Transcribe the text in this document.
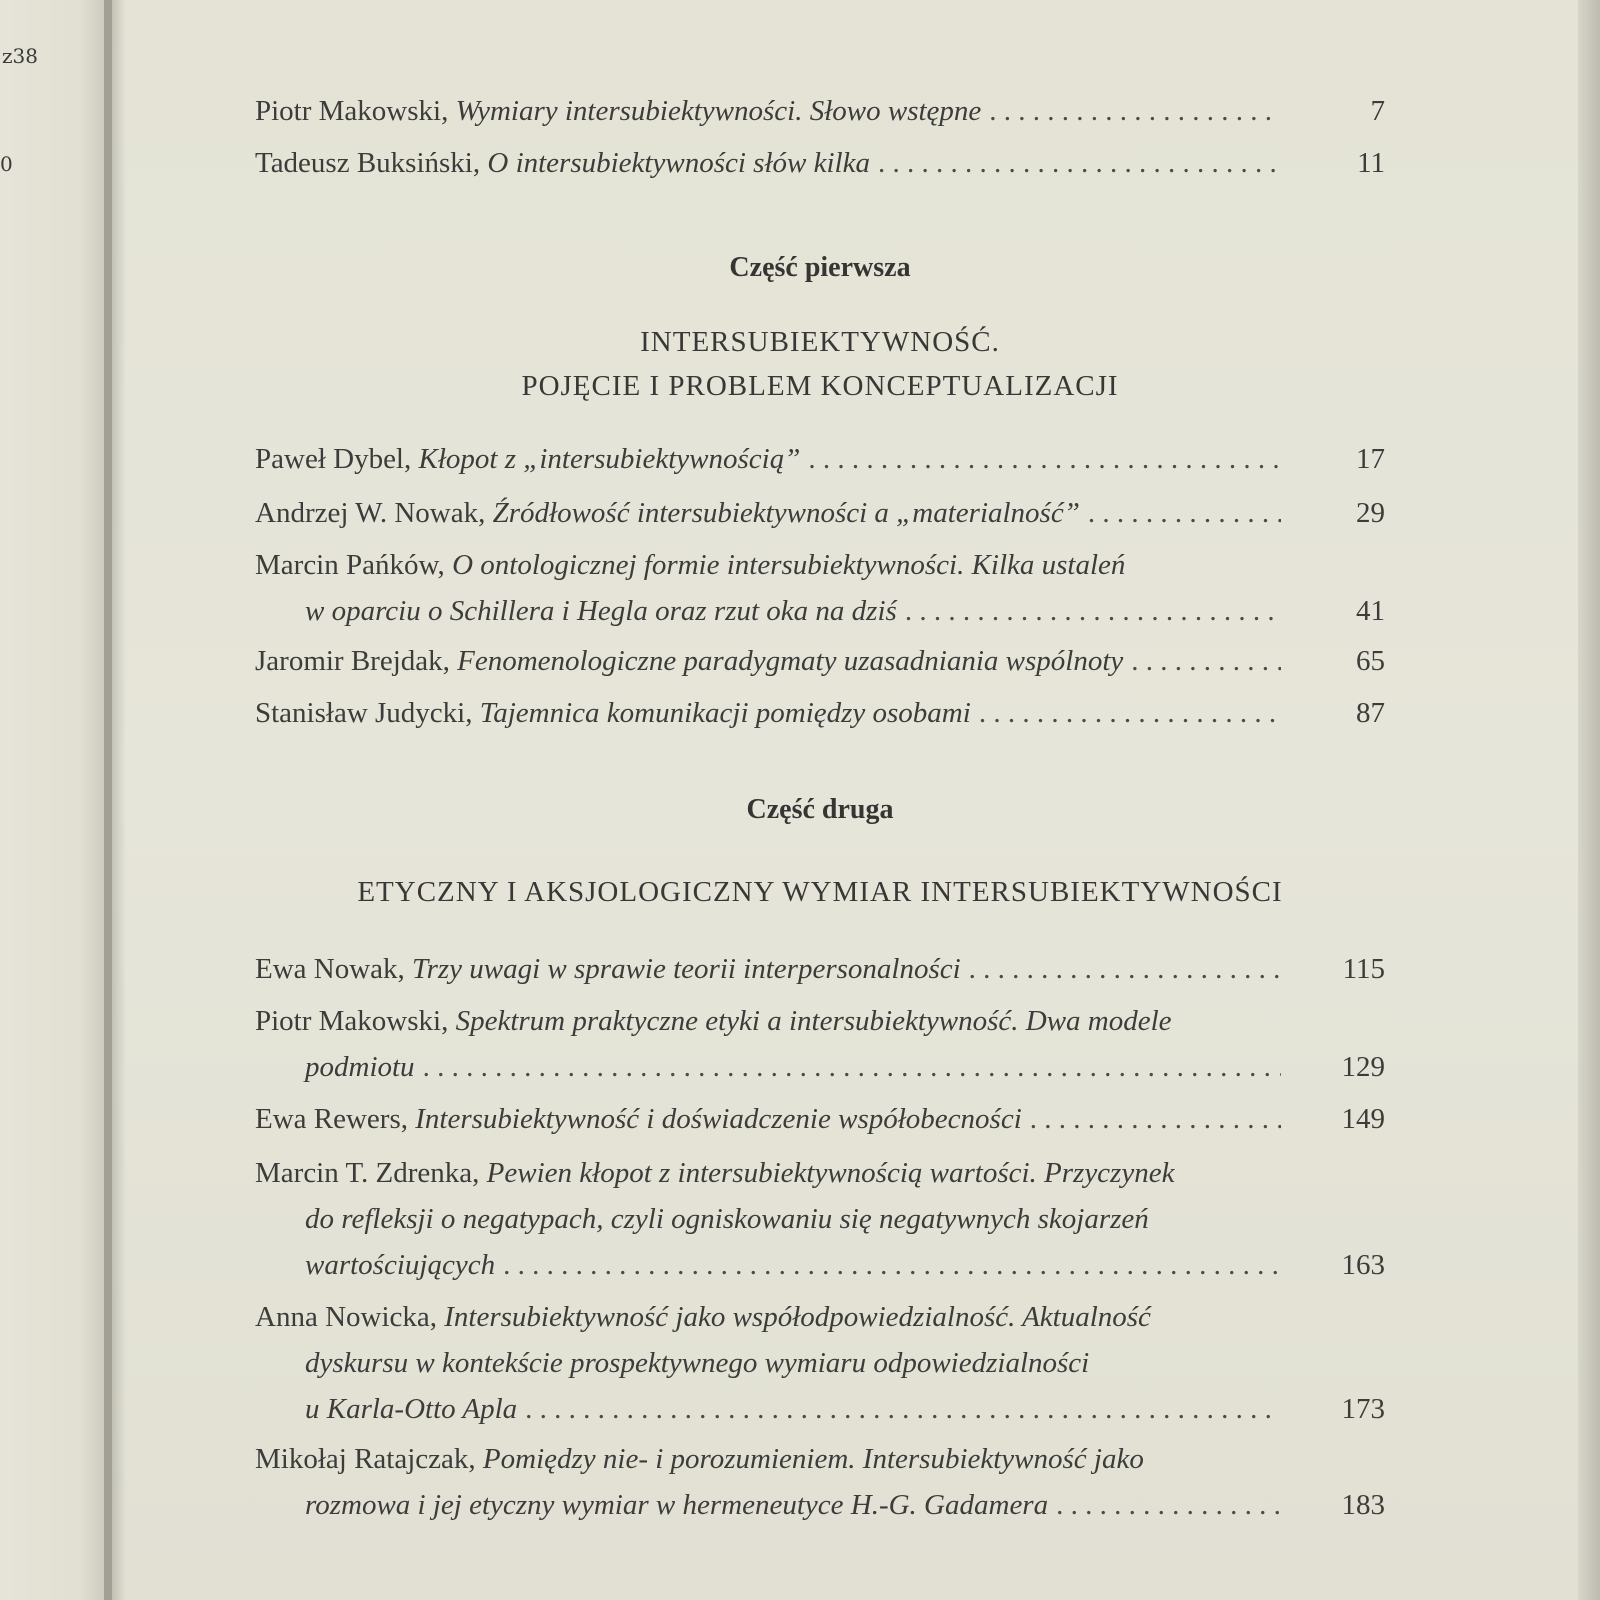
z38
0
Piotr Makowski,
Wymiary intersubiektywności. Słowo wstępne . . .	7
Tadeusz Buksiński,
O intersubiektywności słów kilka . . .	11
Część pierwsza
INTERSUBIEKTYWNOŚĆ.
POJĘCIE I PROBLEM KONCEPTUALIZACJI
Paweł Dybel,
Kłopot z „intersubiektywnością” . . .	17
Andrzej W. Nowak,
Źródłowość intersubiektywności a „materialność” . . .	29
Marcin Pańków, O ontologicznej formie intersubiektywności. Kilka ustaleń
w oparciu o Schillera i Hegla oraz rzut oka na dziś . . .	41
Jaromir Brejdak,
Fenomenologiczne paradygmaty uzasadniania wspólnoty . . .	65
Stanisław Judycki,
Tajemnica komunikacji pomiędzy osobami . . .	87
Część druga
ETYCZNY I AKSJOLOGICZNY WYMIAR INTERSUBIEKTYWNOŚCI
Ewa Nowak,
Trzy uwagi w sprawie teorii interpersonalności . . .	115
Piotr Makowski, Spektrum praktyczne etyki a intersubiektywność. Dwa modele
podmiotu . . .	129
Ewa Rewers,
Intersubiektywność i doświadczenie współobecności . . .	149
Marcin T. Zdrenka, Pewien kłopot z intersubiektywnością wartości. Przyczynek
do refleksji o negatypach, czyli ogniskowaniu się negatywnych skojarzeń
wartościujących . . .	163
Anna Nowicka, Intersubiektywność jako współodpowiedzialność. Aktualność
dyskursu w kontekście prospektywnego wymiaru odpowiedzialności
u Karla-Otto Apla . . .	173
Mikołaj Ratajczak, Pomiędzy nie- i porozumieniem. Intersubiektywność jako
rozmowa i jej etyczny wymiar w hermeneutyce H.-G. Gadamera . . .	183
